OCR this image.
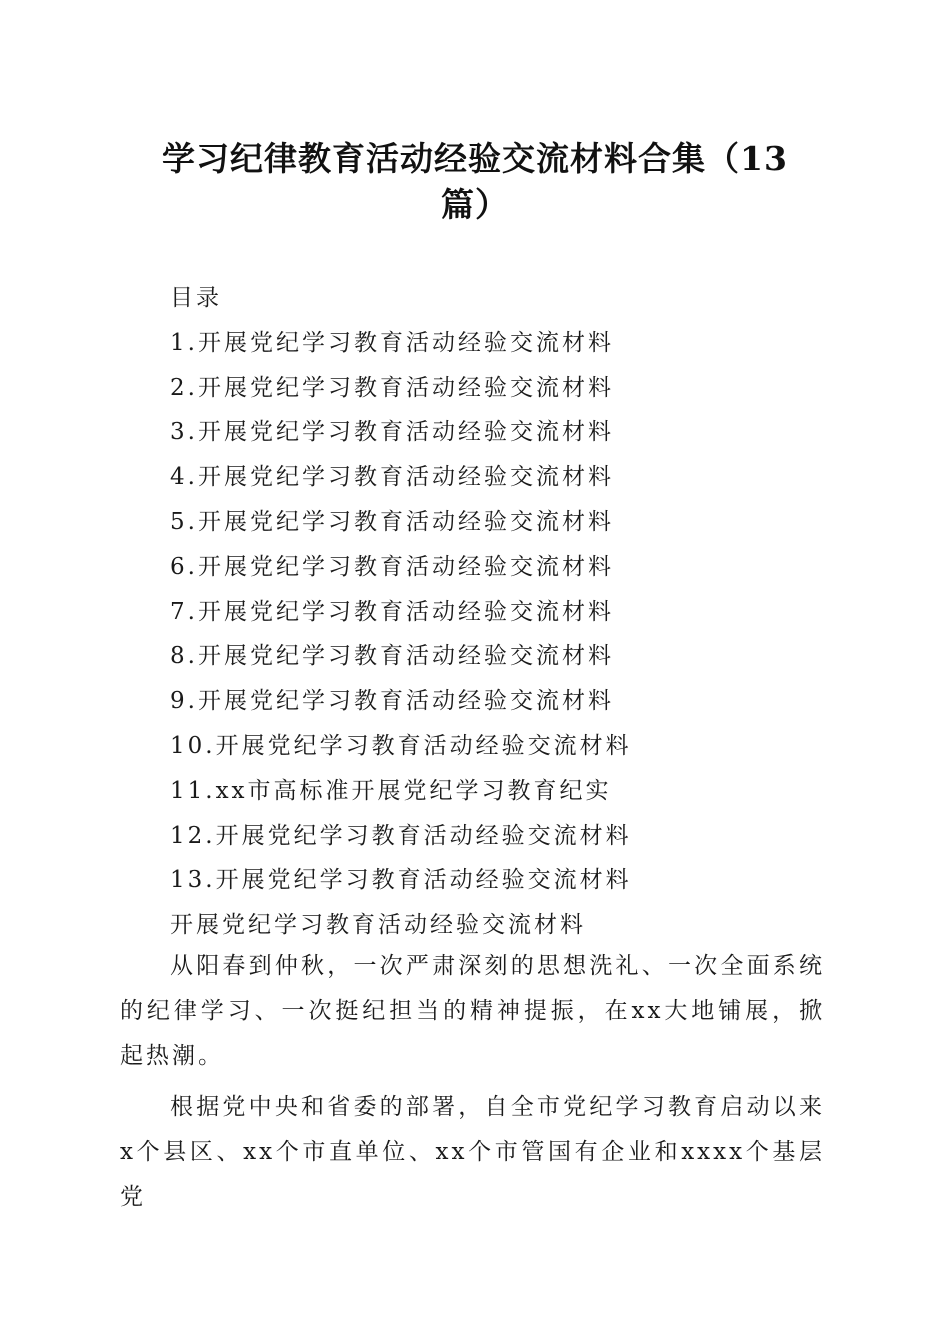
学习纪律教育活动经验交流材料合集（13篇）
目录
1.开展党纪学习教育活动经验交流材料
2.开展党纪学习教育活动经验交流材料
3.开展党纪学习教育活动经验交流材料
4.开展党纪学习教育活动经验交流材料
5.开展党纪学习教育活动经验交流材料
6.开展党纪学习教育活动经验交流材料
7.开展党纪学习教育活动经验交流材料
8.开展党纪学习教育活动经验交流材料
9.开展党纪学习教育活动经验交流材料
10.开展党纪学习教育活动经验交流材料
11.xx市高标准开展党纪学习教育纪实
12.开展党纪学习教育活动经验交流材料
13.开展党纪学习教育活动经验交流材料
开展党纪学习教育活动经验交流材料

从阳春到仲秋，一次严肃深刻的思想洗礼、一次全面系统的纪律学习、一次挺纪担当的精神提振，在xx大地铺展，掀起热潮。

根据党中央和省委的部署，自全市党纪学习教育启动以来x个县区、xx个市直单位、xx个市管国有企业和xxxx个基层党
